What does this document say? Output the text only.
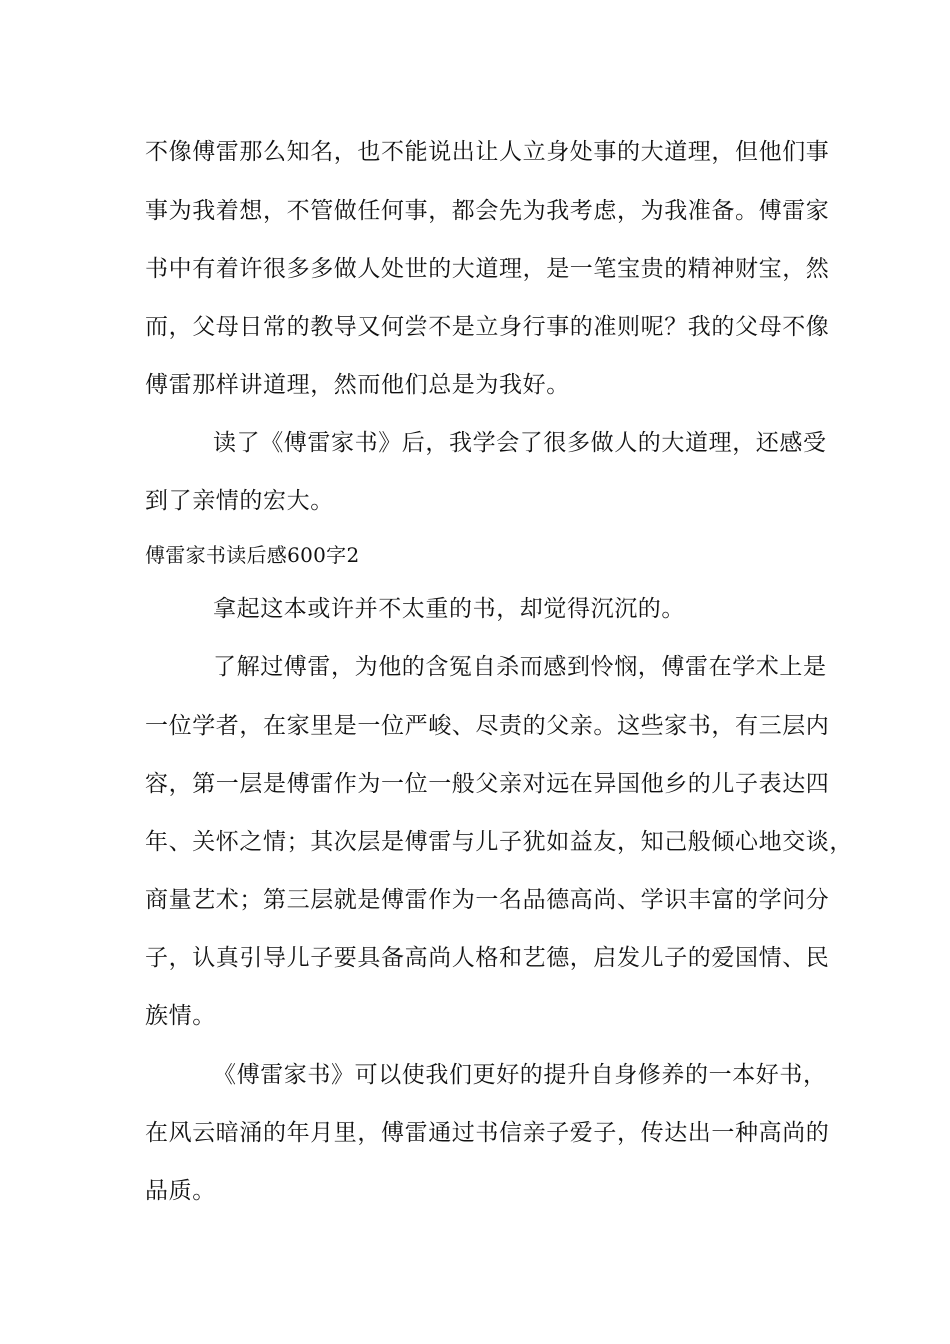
不像傅雷那么知名，也不能说出让人立身处事的大道理，但他们事

事为我着想，不管做任何事，都会先为我考虑，为我准备。傅雷家

书中有着许很多多做人处世的大道理，是一笔宝贵的精神财宝，然

而，父母日常的教导又何尝不是立身行事的准则呢？我的父母不像

傅雷那样讲道理，然而他们总是为我好。

读了《傅雷家书》后，我学会了很多做人的大道理，还感受

到了亲情的宏大。

傅雷家书读后感600字2

拿起这本或许并不太重的书，却觉得沉沉的。

了解过傅雷，为他的含冤自杀而感到怜悯，傅雷在学术上是

一位学者，在家里是一位严峻、尽责的父亲。这些家书，有三层内

容，第一层是傅雷作为一位一般父亲对远在异国他乡的儿子表达四

年、关怀之情；其次层是傅雷与儿子犹如益友，知己般倾心地交谈，

商量艺术；第三层就是傅雷作为一名品德高尚、学识丰富的学问分

子，认真引导儿子要具备高尚人格和艺德，启发儿子的爱国情、民

族情。

《傅雷家书》可以使我们更好的提升自身修养的一本好书，

在风云暗涌的年月里，傅雷通过书信亲子爱子，传达出一种高尚的

品质。
